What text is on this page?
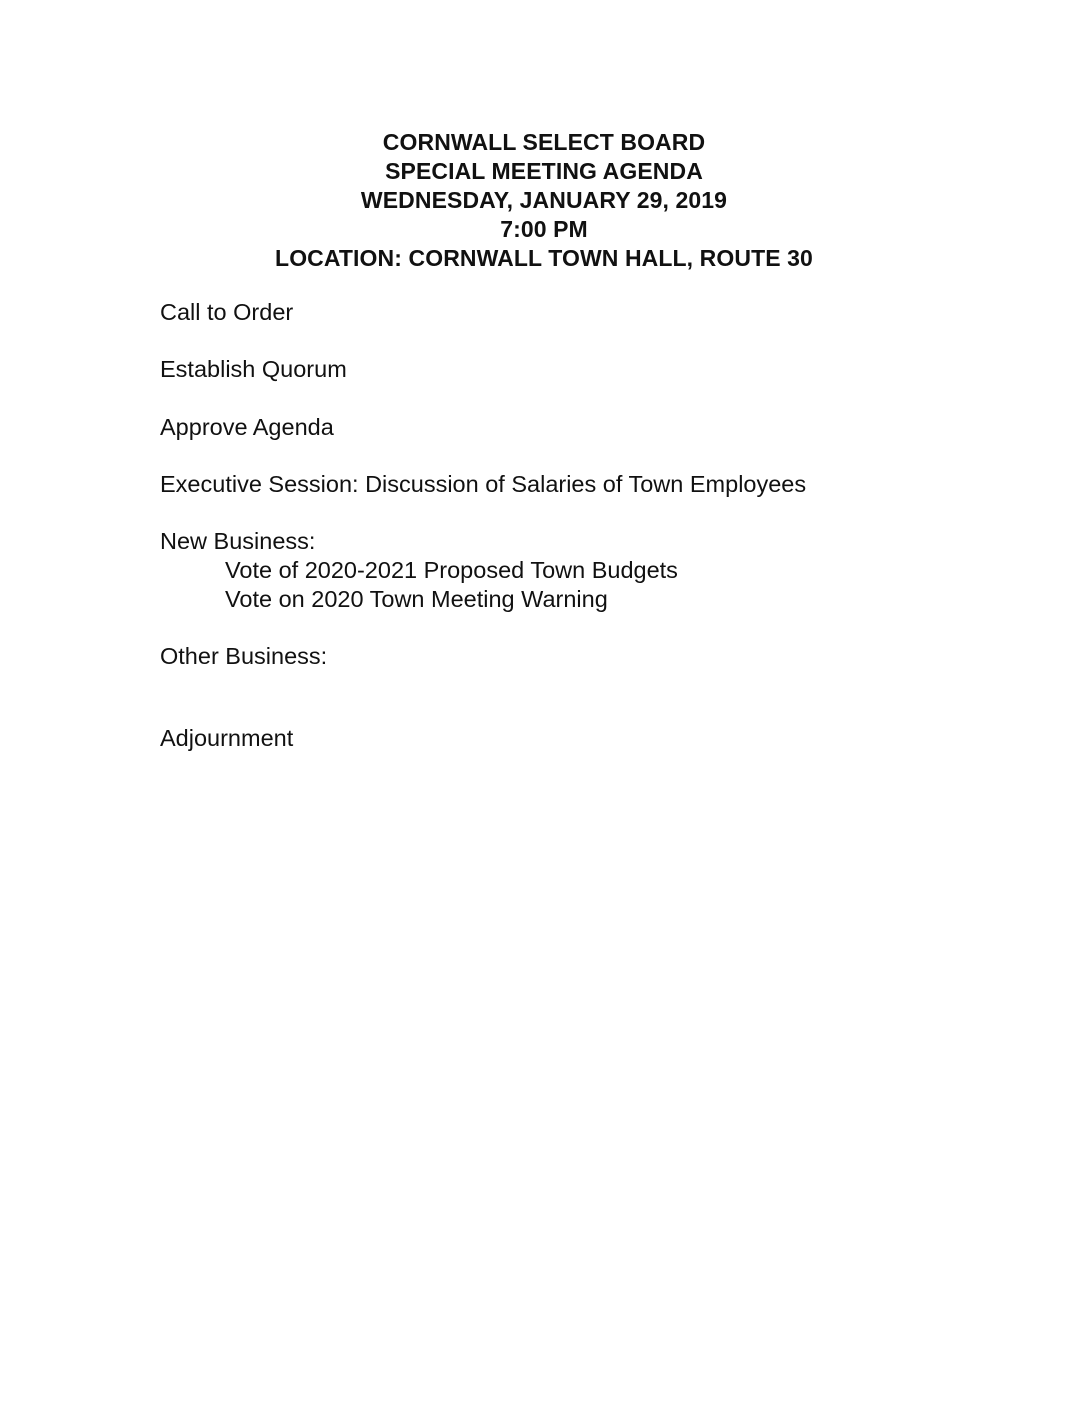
CORNWALL SELECT BOARD

SPECIAL MEETING AGENDA

WEDNESDAY, JANUARY 29, 2019

7:00 PM

LOCATION: CORNWALL TOWN HALL, ROUTE 30

Call to Order
Establish Quorum
Approve Agenda
Executive Session: Discussion of Salaries of Town Employees
New Business:
Vote of 2020-2021 Proposed Town Budgets
Vote on 2020 Town Meeting Warning
Other Business:
Adjournment
